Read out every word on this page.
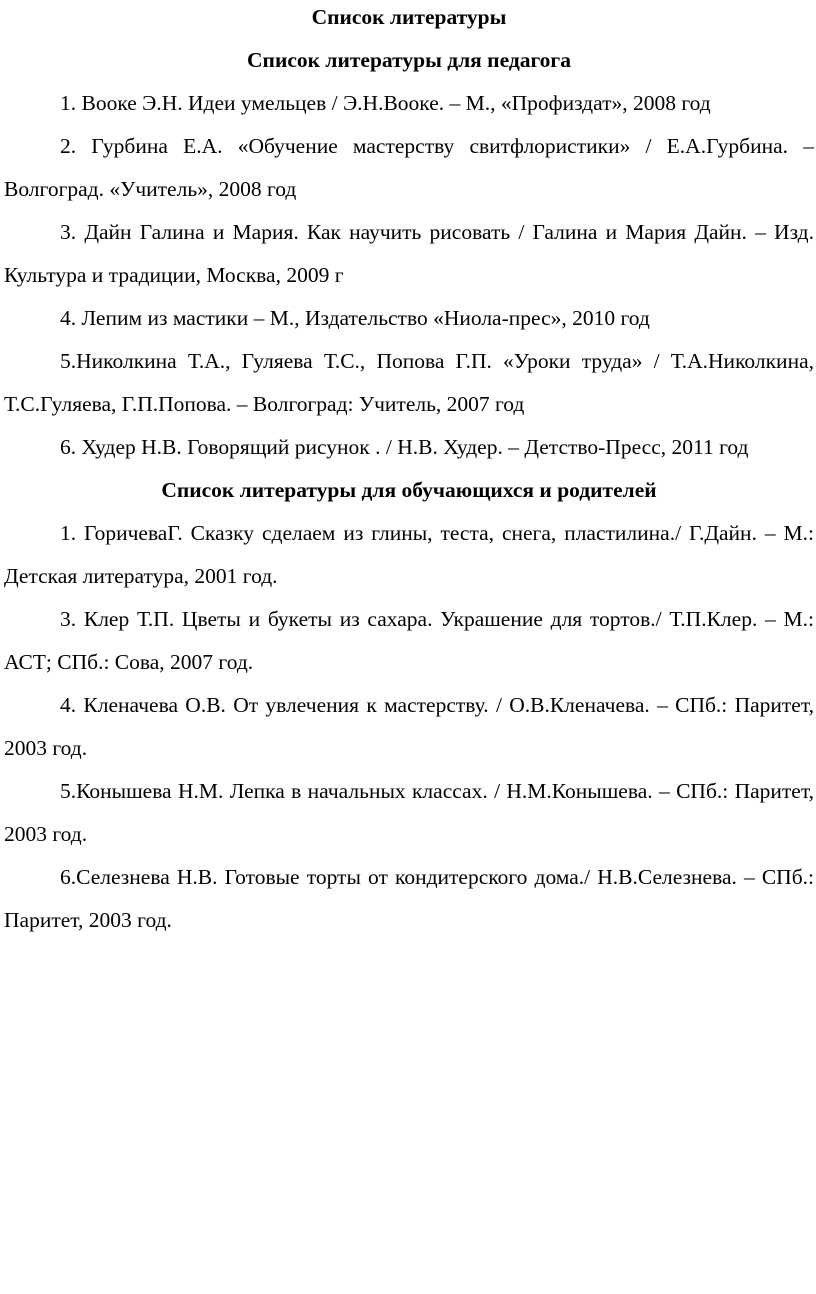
Список литературы

Список литературы для педагога

1. Вооке Э.Н. Идеи умельцев / Э.Н.Вооке. – М., «Профиздат», 2008 год

2. Гурбина Е.А. «Обучение мастерству свитфлористики» / Е.А.Гурбина. – Волгоград. «Учитель», 2008 год

3. Дайн Галина и Мария. Как научить рисовать / Галина и Мария Дайн. – Изд. Культура и традиции, Москва, 2009 г

4. Лепим из мастики – М., Издательство «Ниола-прес», 2010 год

5.Николкина Т.А., Гуляева Т.С., Попова Г.П. «Уроки труда» / Т.А.Николкина, Т.С.Гуляева, Г.П.Попова. – Волгоград: Учитель, 2007 год

6. Худер Н.В. Говорящий рисунок . / Н.В. Худер. – Детство-Пресс, 2011 год

Список литературы для обучающихся и родителей

1. ГоричеваГ. Сказку сделаем из глины, теста, снега, пластилина./ Г.Дайн. – М.: Детская литература, 2001 год.

3. Клер Т.П. Цветы и букеты из сахара. Украшение для тортов./ Т.П.Клер. – М.: АСТ; СПб.: Сова, 2007 год.

4. Кленачева О.В. От увлечения к мастерству. / О.В.Кленачева. – СПб.: Паритет, 2003 год.

5.Конышева Н.М. Лепка в начальных классах. / Н.М.Конышева. – СПб.: Паритет, 2003 год.

6.Селезнева Н.В. Готовые торты от кондитерского дома./ Н.В.Селезнева. – СПб.: Паритет, 2003 год.
